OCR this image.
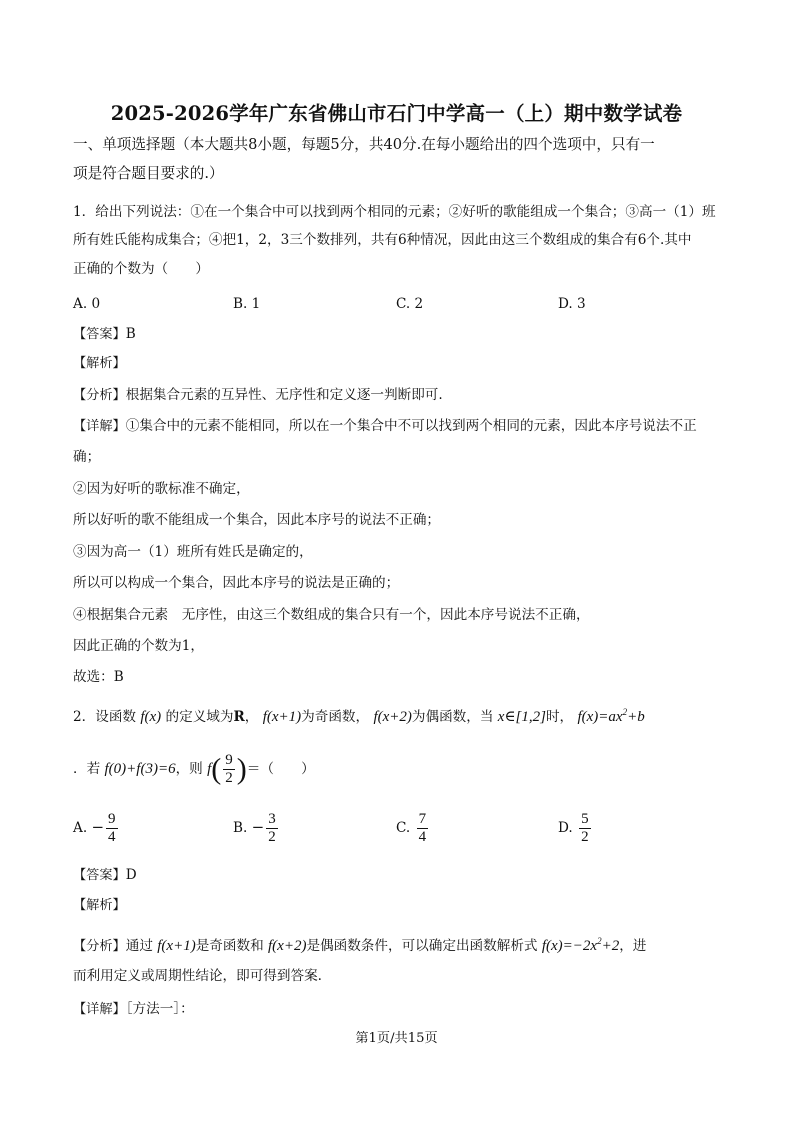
2025-2026学年广东省佛山市石门中学高一（上）期中数学试卷
一、单项选择题（本大题共8小题，每题5分，共40分.在每小题给出的四个选项中，只有一
项是符合题目要求的.）
1．给出下列说法：①在一个集合中可以找到两个相同的元素；②好听的歌能组成一个集合；③高一（1）班
所有姓氏能构成集合；④把1，2，3三个数排列，共有6种情况，因此由这三个数组成的集合有6个.其中
正确的个数为（　　）
A. 0	B. 1	C. 2	D. 3
【答案】B
【解析】
【分析】根据集合元素的互异性、无序性和定义逐一判断即可.
【详解】①集合中的元素不能相同，所以在一个集合中不可以找到两个相同的元素，因此本序号说法不正
确；
②因为好听的歌标准不确定，
所以好听的歌不能组成一个集合，因此本序号的说法不正确；
③因为高一（1）班所有姓氏是确定的，
所以可以构成一个集合，因此本序号的说法是正确的；
④根据集合元素　无序性，由这三个数组成的集合只有一个，因此本序号说法不正确，
因此正确的个数为1，
故选：B
2．设函数 f(x) 的定义域为R， f(x+1)为奇函数， f(x+2)为偶函数，当 x∈[1,2]时， $f(x)=ax^2+b$
．若 f(0)+f(3)=6，则 $f( \frac{9}{2}$ )＝（　　）
A. − $\frac{9}{4}$	B. − $\frac{3}{2}$	C. $\frac{7}{4}$	D. $\frac{5}{2}$
【答案】D
【解析】
【分析】通过 f(x+1)是奇函数和 f(x+2)是偶函数条件，可以确定出函数解析式 $f(x)=-2x^2+2$，进
而利用定义或周期性结论，即可得到答案.
【详解】［方法一］：
第1页/共15页
